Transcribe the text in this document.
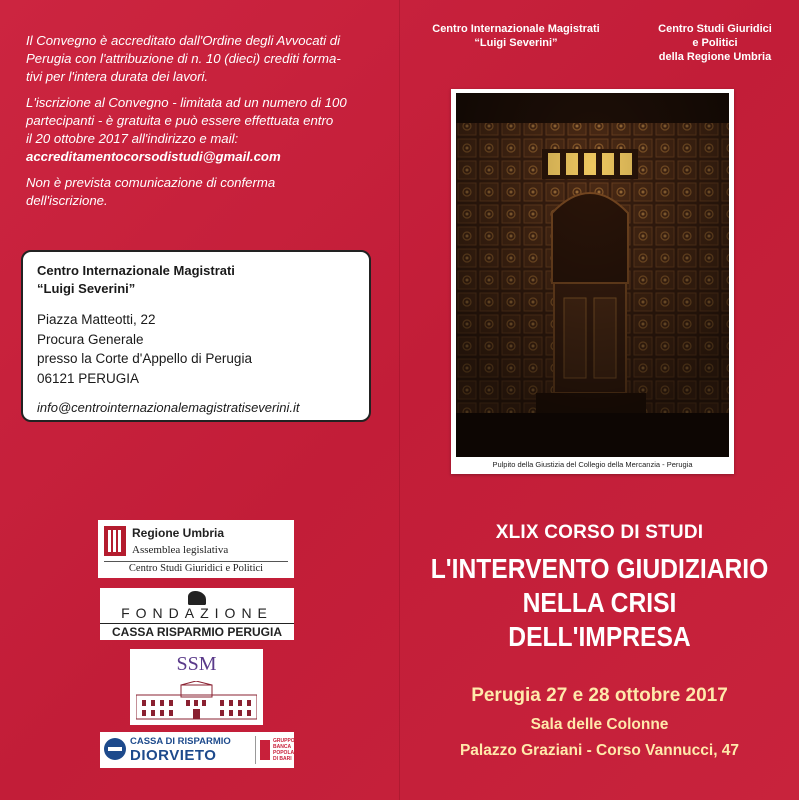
Il Convegno è accreditato dall'Ordine degli Avvocati di
Perugia con l'attribuzione di n. 10 (dieci) crediti forma-
tivi per l'intera durata dei lavori.

L'iscrizione al Convegno - limitata ad un numero di 100
partecipanti - è gratuita e può essere effettuata entro
il 20 ottobre 2017 all'indirizzo e mail:
accreditamentocorsodistudi@gmail.com

Non è prevista comunicazione di conferma
dell'iscrizione.

Centro Internazionale Magistrati
“Luigi Severini”
Piazza Matteotti, 22
Procura Generale
presso la Corte d'Appello di Perugia
06121 PERUGIA
info@centrointernazionalemagistratiseverini.it
Regione Umbria
Assemblea legislativa
Centro Studi Giuridici e Politici
FONDAZIONE
CASSA RISPARMIO PERUGIA
SSM
CASSA DI RISPARMIO
DIORVIETO
GRUPPO BANCA POPOLARE DI BARI
Centro Internazionale Magistrati
“Luigi Severini”
Centro Studi Giuridici
e Politici
della Regione Umbria
Pulpito della Giustizia del Collegio della Mercanzia - Perugia
XLIX CORSO DI STUDI
L'INTERVENTO GIUDIZIARIO
NELLA CRISI
DELL'IMPRESA
Perugia 27 e 28 ottobre 2017
Sala delle Colonne
Palazzo Graziani - Corso Vannucci, 47
